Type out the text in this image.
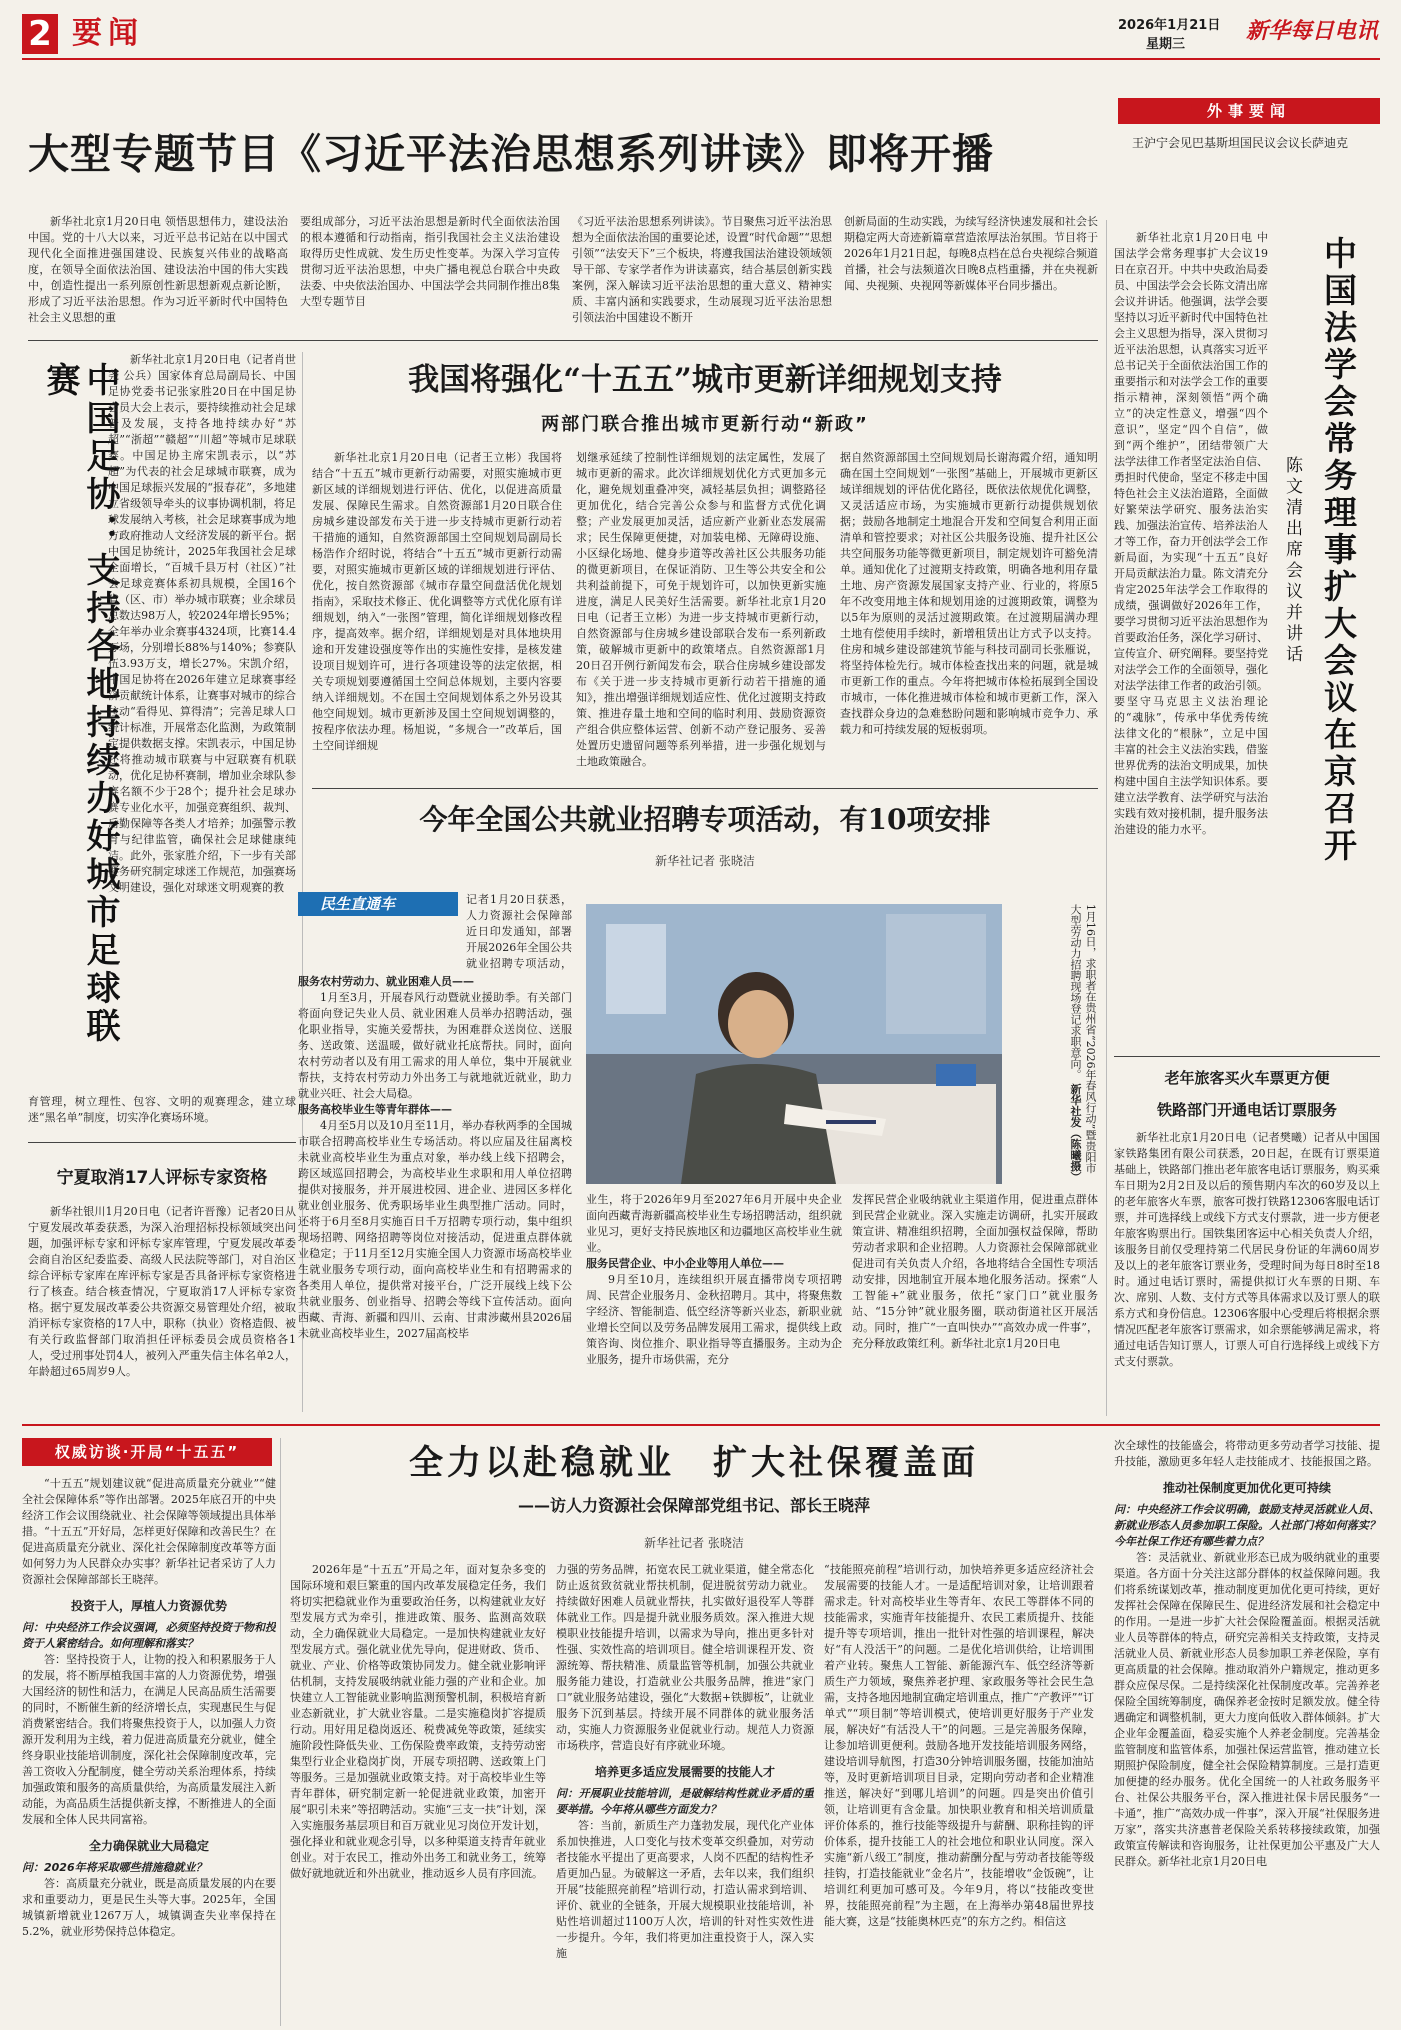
2 要闻	2026年1月21日
星期三
新华每日电讯
外事要闻
王沪宁会见巴基斯坦国民议会议长萨迪克
大型专题节目《习近平法治思想系列讲读》即将开播
新华社北京1月20日电 领悟思想伟力，建设法治中国。党的十八大以来，习近平总书记站在以中国式现代化全面推进强国建设、民族复兴伟业的战略高度，在领导全面依法治国、建设法治中国的伟大实践中，创造性提出一系列原创性新思想新观点新论断，形成了习近平法治思想。作为习近平新时代中国特色社会主义思想的重
要组成部分，习近平法治思想是新时代全面依法治国的根本遵循和行动指南，指引我国社会主义法治建设取得历史性成就、发生历史性变革。为深入学习宣传贯彻习近平法治思想，中央广播电视总台联合中央政法委、中央依法治国办、中国法学会共同制作推出8集大型专题节目
《习近平法治思想系列讲读》。节目聚焦习近平法治思想为全面依法治国的重要论述，设置“时代命题”“思想引领”“法安天下”三个板块，将遵我国法治建设领域领导干部、专家学者作为讲读嘉宾，结合基层创新实践案例，深入解读习近平法治思想的重大意义、精神实质、丰富内涵和实践要求，生动展现习近平法治思想引领法治中国建设不断开
创新局面的生动实践，为续写经济快速发展和社会长期稳定两大奇迹新篇章营造浓厚法治氛围。节目将于2026年1月21日起，每晚8点档在总台央视综合频道首播，社会与法频道次日晚8点档重播，并在央视新闻、央视频、央视网等新媒体平台同步播出。
中国足协：支持各地持续办好城市足球联赛
新华社北京1月20日电（记者肖世尧 公兵）国家体育总局副局长、中国足协党委书记张家胜20日在中国足协会员大会上表示，要持续推动社会足球普及发展，支持各地持续办好“苏超”“浙超”“赣超”“川超”等城市足球联赛。中国足协主席宋凯表示，以“苏超”为代表的社会足球城市联赛，成为中国足球振兴发展的“报春花”，多地建立省级领导牵头的议事协调机制，将足球发展纳入考核，社会足球赛事成为地方政府推动人文经济发展的新平台。据中国足协统计，2025年我国社会足球全面增长，“百城千县万村（社区）”社会足球竞赛体系初具规模，全国16个省（区、市）举办城市联赛；业余球员总数达98万人，较2024年增长95%；全年举办业余赛事4324项，比赛14.4万场，分别增长88%与140%；参赛队伍3.93万支，增长27%。宋凯介绍，中国足协将在2026年建立足球赛事经济贡献统计体系，让赛事对城市的综合拉动“看得见、算得清”；完善足球人口统计标准，开展常态化监测，为政策制定提供数据支撑。宋凯表示，中国足协还将推动城市联赛与中冠联赛有机联动，优化足协杯赛制，增加业余球队参赛名额不少于28个；提升社会足球办赛专业化水平，加强竞赛组织、裁判、后勤保障等各类人才培养；加强警示教育与纪律监管，确保社会足球健康纯洁。此外，张家胜介绍，下一步有关部要务研究制定球迷工作规范，加强赛场文明建设，强化对球迷文明观赛的教
育管理，树立理性、包容、文明的观赛理念，建立球迷“黑名单”制度，切实净化赛场环境。
宁夏取消17人评标专家资格
新华社银川1月20日电（记者许晋豫）记者20日从宁夏发展改革委获悉，为深入治理招标投标领域突出问题，加强评标专家和评标专家库管理，宁夏发展改革委会商自治区纪委监委、高级人民法院等部门，对自治区综合评标专家库在库评标专家是否具备评标专家资格进行了核查。结合核查情况，宁夏取消17人评标专家资格。据宁夏发展改革委公共资源交易管理处介绍，被取消评标专家资格的17人中，职称（执业）资格造假、被有关行政监督部门取消担任评标委员会成员资格各1人，受过刑事处罚4人，被列入严重失信主体名单2人，年龄超过65周岁9人。
我国将强化“十五五”城市更新详细规划支持
两部门联合推出城市更新行动“新政”
新华社北京1月20日电（记者王立彬）我国将结合“十五五”城市更新行动需要，对照实施城市更新区域的详细规划进行评估、优化，以促进高质量发展、保障民生需求。自然资源部1月20日联合住房城乡建设部发布关于进一步支持城市更新行动若干措施的通知，自然资源部国土空间规划局副局长杨浩作介绍时说，将结合“十五五”城市更新行动需要，对照实施城市更新区域的详细规划进行评估、优化，按自然资源部《城市存量空间盘活优化规划指南》，采取技术修正、优化调整等方式优化原有详细规划，纳入“一张图”管理，简化详细规划修改程序，提高效率。据介绍，详细规划是对具体地块用途和开发建设强度等作出的实施性安排，是核发建设项目规划许可，进行各项建设等的法定依据，相关专项规划要遵循国土空间总体规划，主要内容要纳入详细规划。不在国土空间规划体系之外另设其他空间规划。城市更新涉及国土空间规划调整的，按程序依法办理。杨旭说，“多规合一”改革后，国土空间详细规
划继承延续了控制性详细规划的法定属性，发展了城市更新的需求。此次详细规划优化方式更加多元化，避免规划重叠冲突，减轻基层负担；调整路径更加优化，结合完善公众参与和监督方式优化调整；产业发展更加灵活，适应新产业新业态发展需求；民生保障更便捷，对加装电梯、无障碍设施、小区绿化场地、健身步道等改善社区公共服务功能的微更新项目，在保证消防、卫生等公共安全和公共利益前提下，可免于规划许可，以加快更新实施进度，满足人民美好生活需要。新华社北京1月20日电（记者王立彬）为进一步支持城市更新行动，自然资源部与住房城乡建设部联合发布一系列新政策，破解城市更新中的政策堵点。自然资源部1月20日召开例行新闻发布会，联合住房城乡建设部发布《关于进一步支持城市更新行动若干措施的通知》，推出增强详细规划适应性、优化过渡期支持政策、推进存量土地和空间的临时利用、鼓励资源资产组合供应整体运营、创新不动产登记服务、妥善处置历史遗留问题等系列举措，进一步强化规划与土地政策融合。
据自然资源部国土空间规划局长谢海霞介绍，通知明确在国土空间规划“一张图”基础上，开展城市更新区域详细规划的评估优化路径，既依法依规优化调整，又灵活适应市场，为实施城市更新行动提供规划依据；鼓励各地制定土地混合开发和空间复合利用正面清单和管控要求；对社区公共服务设施、提升社区公共空间服务功能等微更新项目，制定规划许可豁免清单。通知优化了过渡期支持政策，明确各地利用存量土地、房产资源发展国家支持产业、行业的，将原5年不改变用地主体和规划用途的过渡期政策，调整为以5年为原则的灵活过渡期政策。在过渡期届满办理土地有偿使用手续时，新增租赁出让方式予以支持。住房和城乡建设部建筑节能与科技司副司长张雁说，将坚持体检先行。城市体检查找出来的问题，就是城市更新工作的重点。今年将把城市体检拓展到全国设市城市，一体化推进城市体检和城市更新工作，深入查找群众身边的急难愁盼问题和影响城市竞争力、承载力和可持续发展的短板弱项。
今年全国公共就业招聘专项活动，有10项安排
新华社记者 张晓洁
民生直通车	记者1月20日获悉，人力资源社会保障部近日印发通知，部署开展2026年全国公共就业招聘专项活动，
服务农村劳动力、就业困难人员——

1月至3月，开展春风行动暨就业援助季。有关部门将面向登记失业人员、就业困难人员举办招聘活动，强化职业指导，实施关爱帮扶，为困难群众送岗位、送服务、送政策、送温暖，做好就业托底帮扶。同时，面向农村劳动者以及有用工需求的用人单位，集中开展就业帮扶，支持农村劳动力外出务工与就地就近就业，助力就业兴旺、社会大局稳。

服务高校毕业生等青年群体——

4月至5月以及10月至11月，举办春秋两季的全国城市联合招聘高校毕业生专场活动。将以应届及往届离校未就业高校毕业生为重点对象，举办线上线下招聘会，跨区域巡回招聘会，为高校毕业生求职和用人单位招聘提供对接服务，并开展进校园、进企业、进园区多样化就业创业服务、优秀职场毕业生典型推广活动。同时，还将于6月至8月实施百日千万招聘专项行动，集中组织现场招聘、网络招聘等岗位对接活动，促进重点群体就业稳定；于11月至12月实施全国人力资源市场高校毕业生就业服务专项行动，面向高校毕业生和有招聘需求的各类用人单位，提供常对接平台，广泛开展线上线下公共就业服务、创业指导、招聘会等线下宣传活动。面向西藏、青海、新疆和四川、云南、甘肃涉藏州县2026届未就业高校毕业生，2027届高校毕

1月16日，求职者在贵州省“2026年春风行动”暨贵阳市大型劳动力招聘现场登记求职意向。 新华社发（陈曦摄）
业生，将于2026年9月至2027年6月开展中央企业面向西藏青海新疆高校毕业生专场招聘活动，组织就业见习，更好支持民族地区和边疆地区高校毕业生就业。
服务民营企业、中小企业等用人单位——

9月至10月，连续组织开展直播带岗专项招聘周、民营企业服务月、金秋招聘月。其中，将聚焦数字经济、智能制造、低空经济等新兴业态，新职业就业增长空间以及劳务品牌发展用工需求，提供线上政策咨询、岗位推介、职业指导等直播服务。主动为企业服务，提升市场供需，充分

发挥民营企业吸纳就业主渠道作用，促进重点群体到民营企业就业。深入实施走访调研，扎实开展政策宣讲、精准组织招聘，全面加强权益保障，帮助劳动者求职和企业招聘。人力资源社会保障部就业促进司有关负责人介绍，各地将结合全国性专项活动安排，因地制宜开展本地化服务活动。探索“人工智能+”就业服务，依托“家门口”就业服务站、“15分钟”就业服务圈，联动街道社区开展活动。同时，推广“一直叫快办”“高效办成一件事”，充分释放政策红利。新华社北京1月20日电
新华社北京1月20日电 中国法学会常务理事扩大会议19日在京召开。中共中央政治局委员、中国法学会会长陈文清出席会议并讲话。他强调，法学会要坚持以习近平新时代中国特色社会主义思想为指导，深入贯彻习近平法治思想，认真落实习近平总书记关于全面依法治国工作的重要指示和对法学会工作的重要指示精神，深刻领悟“两个确立”的决定性意义，增强“四个意识”，坚定“四个自信”，做到“两个维护”，团结带领广大法学法律工作者坚定法治自信、勇担时代使命，坚定不移走中国特色社会主义法治道路，全面做好繁荣法学研究、服务法治实践、加强法治宣传、培养法治人才等工作，奋力开创法学会工作新局面，为实现“十五五”良好开局贡献法治力量。陈文清充分肯定2025年法学会工作取得的成绩，强调做好2026年工作，要学习贯彻习近平法治思想作为首要政治任务，深化学习研讨、宣传宣介、研究阐释。要坚持党对法学会工作的全面领导，强化对法学法律工作者的政治引领。要坚守马克思主义法治理论的“魂脉”，传承中华优秀传统法律文化的“根脉”，立足中国丰富的社会主义法治实践，借鉴世界优秀的法治文明成果，加快构建中国自主法学知识体系。要建立法学教育、法学研究与法治实践有效对接机制，提升服务法治建设的能力水平。	中国法学会常务理事扩大会议在京召开
陈文清出席会议并讲话
老年旅客买火车票更方便
铁路部门开通电话订票服务
新华社北京1月20日电（记者樊曦）记者从中国国家铁路集团有限公司获悉，20日起，在既有订票渠道基础上，铁路部门推出老年旅客电话订票服务，购买乘车日期为2月2日及以后的预售期内车次的60岁及以上的老年旅客火车票，旅客可拨打铁路12306客服电话订票，并可选择线上或线下方式支付票款，进一步方便老年旅客购票出行。国铁集团客运中心相关负责人介绍，该服务目前仅受理持第二代居民身份证的年满60周岁及以上的老年旅客订票业务，受理时间为每日8时至18时。通过电话订票时，需提供拟订火车票的日期、车次、席别、人数、支付方式等具体需求以及订票人的联系方式和身份信息。12306客服中心受理后将根据余票情况匹配老年旅客订票需求，如余票能够满足需求，将通过电话告知订票人，订票人可自行选择线上或线下方式支付票款。
权威访谈·开局“十五五”	全力以赴稳就业　扩大社保覆盖面
——访人力资源社会保障部党组书记、部长王晓萍
新华社记者 张晓洁

“十五五”规划建议就“促进高质量充分就业”“健全社会保障体系”等作出部署。2025年底召开的中央经济工作会议围绕就业、社会保障等领域提出具体举措。“十五五”开好局，怎样更好保障和改善民生？在促进高质量充分就业、深化社会保障制度改革等方面如何努力为人民群众办实事？新华社记者采访了人力资源社会保障部部长王晓萍。

投资于人，厚植人力资源优势
问：中央经济工作会议强调，必须坚持投资于物和投资于人紧密结合。如何理解和落实？

答：坚持投资于人，让物的投入和积累服务于人的发展，将不断厚植我国丰富的人力资源优势，增强大国经济的韧性和活力，在满足人民高品质生活需要的同时，不断催生新的经济增长点，实现惠民生与促消费紧密结合。我们将聚焦投资于人，以加强人力资源开发利用为主线，着力促进高质量充分就业，健全终身职业技能培训制度，深化社会保障制度改革，完善工资收入分配制度，健全劳动关系治理体系，持续加强政策和服务的高质量供给，为高质量发展注入新动能，为高品质生活提供新支撑，不断推进人的全面发展和全体人民共同富裕。

全力确保就业大局稳定
问：2026年将采取哪些措施稳就业？

答：高质量充分就业，既是高质量发展的内在要求和重要动力，更是民生头等大事。2025年，全国城镇新增就业1267万人，城镇调查失业率保持在5.2%，就业形势保持总体稳定。

2026年是“十五五”开局之年，面对复杂多变的国际环境和艰巨繁重的国内改革发展稳定任务，我们将切实把稳就业作为重要政治任务，以构建就业友好型发展方式为牵引，推进政策、服务、监测高效联动，全力确保就业大局稳定。一是加快构建就业友好型发展方式。强化就业优先导向，促进财政、货币、就业、产业、价格等政策协同发力。健全就业影响评估机制，支持发展吸纳就业能力强的产业和企业。加快建立人工智能就业影响监测预警机制，积极培育新业态新就业，扩大就业容量。二是实施稳岗扩容提质行动。用好用足稳岗返还、税费减免等政策，延续实施阶段性降低失业、工伤保险费率政策，支持劳动密集型行业企业稳岗扩岗，开展专项招聘、送政策上门等服务。三是加强就业政策支持。对于高校毕业生等青年群体，研究制定新一轮促进就业政策，加密开展“职引未来”等招聘活动。实施“三支一扶”计划，深入实施服务基层项目和百万就业见习岗位开发计划，强化择业和就业观念引导，以多种渠道支持青年就业创业。对于农民工，推动外出务工和就业务工，统筹做好就地就近和外出就业，推动返乡人员有序回流。
力强的劳务品牌，拓宽农民工就业渠道，健全常态化防止返贫致贫就业帮扶机制，促进脱贫劳动力就业。持续做好困难人员就业帮扶，扎实做好退役军人等群体就业工作。四是提升就业服务质效。深入推进大规模职业技能提升培训，以需求为导向，推出更多针对性强、实效性高的培训项目。健全培训课程开发、资源统筹、帮扶精准、质量监管等机制，加强公共就业服务能力建设，打造就业公共服务品牌，推进“家门口”就业服务站建设，强化“大数据+铁脚板”，让就业服务下沉到基层。持续开展不同群体的就业服务活动，实施人力资源服务业促就业行动。规范人力资源市场秩序，营造良好有序就业环境。
培养更多适应发展需要的技能人才
问：开展职业技能培训，是破解结构性就业矛盾的重要举措。今年将从哪些方面发力？

答：当前，新质生产力蓬勃发展，现代化产业体系加快推进，人口变化与技术变革交织叠加，对劳动者技能水平提出了更高要求，人岗不匹配的结构性矛盾更加凸显。为破解这一矛盾，去年以来，我们组织开展“技能照亮前程”培训行动，打造认需求到培训、评价、就业的全链条，开展大规模职业技能培训，补贴性培训超过1100万人次，培训的针对性实效性进一步提升。今年，我们将更加注重投资于人，深入实施

“技能照亮前程”培训行动，加快培养更多适应经济社会发展需要的技能人才。一是适配培训对象，让培训跟着需求走。针对高校毕业生等青年、农民工等群体不同的技能需求，实施青年技能提升、农民工素质提升、技能提升等专项培训，推出一批针对性强的培训课程，解决好“有人没活干”的问题。二是优化培训供给，让培训围着产业转。聚焦人工智能、新能源汽车、低空经济等新质生产力领域，聚焦养老护理、家政服务等社会民生急需，支持各地因地制宜确定培训重点，推广“产教评”“订单式”“项目制”等培训模式，使培训更好服务于产业发展，解决好“有活没人干”的问题。三是完善服务保障，让参加培训更便利。鼓励各地开发技能培训服务网络，建设培训导航图，打造30分钟培训服务圈，技能加油站等，及时更新培训项目目录，定期向劳动者和企业精准推送，解决好“到哪儿培训”的问题。四是突出价值引领，让培训更有含金量。加快职业教育和相关培训质量评价体系的，推行技能等级提升与薪酬、职称挂钩的评价体系，提升技能工人的社会地位和职业认同度。深入实施“新八级工”制度，推动薪酬分配与劳动者技能等级挂钩，打造技能就业“金名片”，技能增收“金饭碗”，让培训红利更加可感可及。今年9月，将以“技能改变世界，技能照亮前程”为主题，在上海举办第48届世界技能大赛，这是“技能奥林匹克”的东方之约。相信这
次全球性的技能盛会，将带动更多劳动者学习技能、提升技能，激励更多年轻人走技能成才、技能报国之路。
推动社保制度更加优化更可持续
问：中央经济工作会议明确，鼓励支持灵活就业人员、新就业形态人员参加职工保险。人社部门将如何落实？今年社保工作还有哪些着力点？

答：灵活就业、新就业形态已成为吸纳就业的重要渠道。各方面十分关注这部分群体的权益保障问题。我们将系统谋划改革，推动制度更加优化更可持续，更好发挥社会保障在保障民生、促进经济发展和社会稳定中的作用。一是进一步扩大社会保险覆盖面。根据灵活就业人员等群体的特点，研究完善相关支持政策，支持灵活就业人员、新就业形态人员参加职工养老保险，享有更高质量的社会保障。推动取消外户籍规定，推动更多群众应保尽保。二是持续深化社保制度改革。完善养老保险全国统筹制度，确保养老金按时足额发放。健全待遇确定和调整机制，更大力度向低收入群体倾斜。扩大企业年金覆盖面，稳妥实施个人养老金制度。完善基金监管制度和监管体系，加强社保运营监管，推动建立长期照护保险制度，健全社会保险精算制度。三是打造更加便捷的经办服务。优化全国统一的人社政务服务平台、社保公共服务平台，深入推进社保卡居民服务“一卡通”，推广“高效办成一件事”，深入开展“社保服务进万家”，落实共济惠普老保险关系转移接续政策，加强政策宣传解读和咨询服务，让社保更加公平惠及广大人民群众。新华社北京1月20日电
